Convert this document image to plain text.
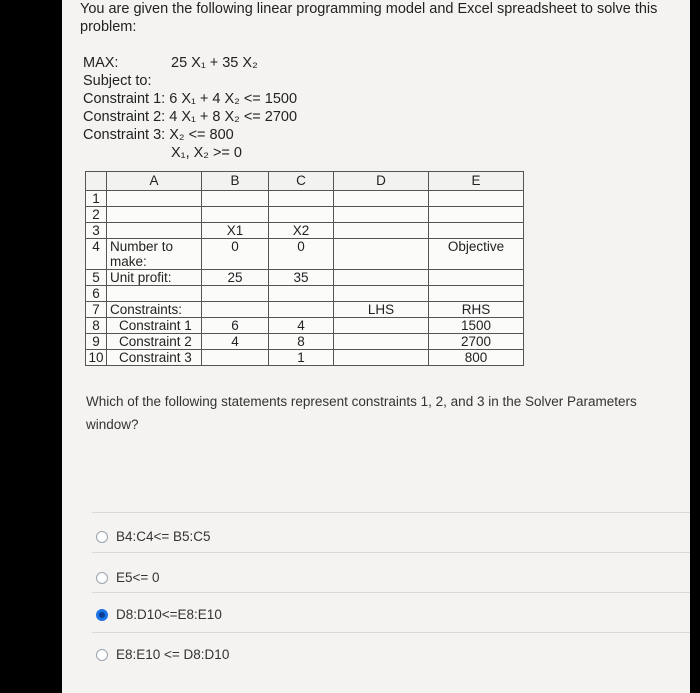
You are given the following linear programming model and Excel spreadsheet to solve this problem:
MAX:	25 X₁ + 35 X₂
Subject to:
Constraint 1: 6 X₁ + 4 X₂ <= 1500
Constraint 2: 4 X₁ + 8 X₂ <= 2700
Constraint 3: X₂ <= 800
X₁, X₂ >= 0
	A	B	C	D	E
1					
2					
3		X1	X2		
4	Number to make:	0	0		Objective
5	Unit profit:	25	35		
6					
7	Constraints:			LHS	RHS
8	Constraint 1	6	4		1500
9	Constraint 2	4	8		2700
10	Constraint 3		1		800
Which of the following statements represent constraints 1, 2, and 3 in the Solver Parameters window?
B4:C4<= B5:C5
E5<= 0
D8:D10<=E8:E10
E8:E10 <= D8:D10
